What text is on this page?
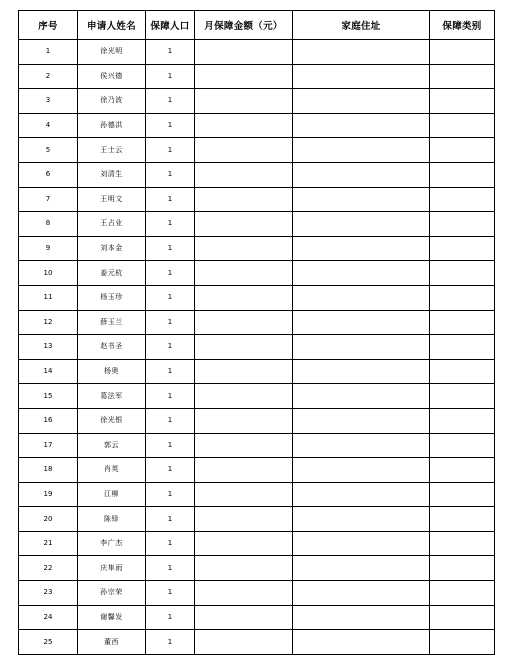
序号	申请人姓名	保障人口	月保障金额（元）	家庭住址	保障类别
1	徐光明	1			
2	侯兴德	1			
3	徐乃波	1			
4	孙德洪	1			
5	王士云	1			
6	刘清生	1			
7	王明文	1			
8	王占业	1			
9	刘本金	1			
10	姜元杭	1			
11	杨玉珍	1			
12	薛玉兰	1			
13	赵书圣	1			
14	杨奥	1			
15	葛法军	1			
16	徐光银	1			
17	郭云	1			
18	肖英	1			
19	江柳	1			
20	陈铎	1			
21	李广杰	1			
22	庆隼雨	1			
23	孙宗荣	1			
24	谢馨发	1			
25	董西	1			
